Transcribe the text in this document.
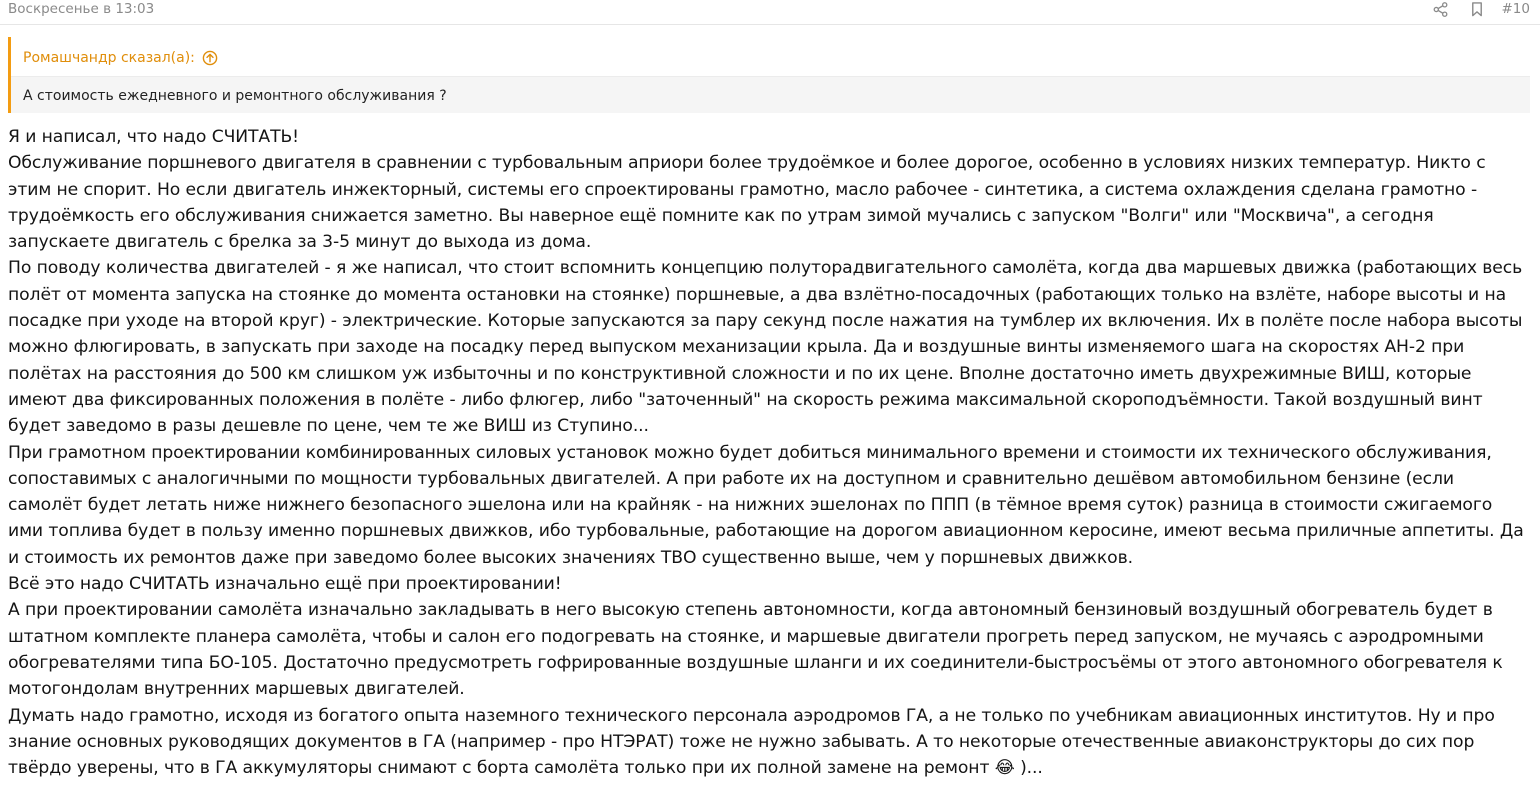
Воскресенье в 13:03	#10
Ромашчандр сказал(а):
А стоимость ежедневного и ремонтного обслуживания ?

Я и написал, что надо СЧИТАТЬ!

Обслуживание поршневого двигателя в сравнении с турбовальным априори более трудоёмкое и более дорогое, особенно в условиях низких температур. Никто с этим не спорит. Но если двигатель инжекторный, системы его спроектированы грамотно, масло рабочее - синтетика, а система охлаждения сделана грамотно - трудоёмкость его обслуживания снижается заметно. Вы наверное ещё помните как по утрам зимой мучались с запуском "Волги" или "Москвича", а сегодня запускаете двигатель с брелка за 3-5 минут до выхода из дома.

По поводу количества двигателей - я же написал, что стоит вспомнить концепцию полуторадвигательного самолёта, когда два маршевых движка (работающих весь полёт от момента запуска на стоянке до момента остановки на стоянке) поршневые, а два взлётно-посадочных (работающих только на взлёте, наборе высоты и на посадке при уходе на второй круг) - электрические. Которые запускаются за пару секунд после нажатия на тумблер их включения. Их в полёте после набора высоты можно флюгировать, в запускать при заходе на посадку перед выпуском механизации крыла. Да и воздушные винты изменяемого шага на скоростях АН-2 при полётах на расстояния до 500 км слишком уж избыточны и по конструктивной сложности и по их цене. Вполне достаточно иметь двухрежимные ВИШ, которые имеют два фиксированных положения в полёте - либо флюгер, либо "заточенный" на скорость режима максимальной скороподъёмности. Такой воздушный винт будет заведомо в разы дешевле по цене, чем те же ВИШ из Ступино...

При грамотном проектировании комбинированных силовых установок можно будет добиться минимального времени и стоимости их технического обслуживания, сопоставимых с аналогичными по мощности турбовальных двигателей. А при работе их на доступном и сравнительно дешёвом автомобильном бензине (если самолёт будет летать ниже нижнего безопасного эшелона или на крайняк - на нижних эшелонах по ППП (в тёмное время суток) разница в стоимости сжигаемого ими топлива будет в пользу именно поршневых движков, ибо турбовальные, работающие на дорогом авиационном керосине, имеют весьма приличные аппетиты. Да и стоимость их ремонтов даже при заведомо более высоких значениях ТВО существенно выше, чем у поршневых движков.

Всё это надо СЧИТАТЬ изначально ещё при проектировании!

А при проектировании самолёта изначально закладывать в него высокую степень автономности, когда автономный бензиновый воздушный обогреватель будет в штатном комплекте планера самолёта, чтобы и салон его подогревать на стоянке, и маршевые двигатели прогреть перед запуском, не мучаясь с аэродромными обогревателями типа БО-105. Достаточно предусмотреть гофрированные воздушные шланги и их соединители-быстросъёмы от этого автономного обогревателя к мотогондолам внутренних маршевых двигателей.

Думать надо грамотно, исходя из богатого опыта наземного технического персонала аэродромов ГА, а не только по учебникам авиационных институтов. Ну и про знание основных руководящих документов в ГА (например - про НТЭРАТ) тоже не нужно забывать. А то некоторые отечественные авиаконструкторы до сих пор твёрдо уверены, что в ГА аккумуляторы снимают с борта самолёта только при их полной замене на ремонт 😂 )...
